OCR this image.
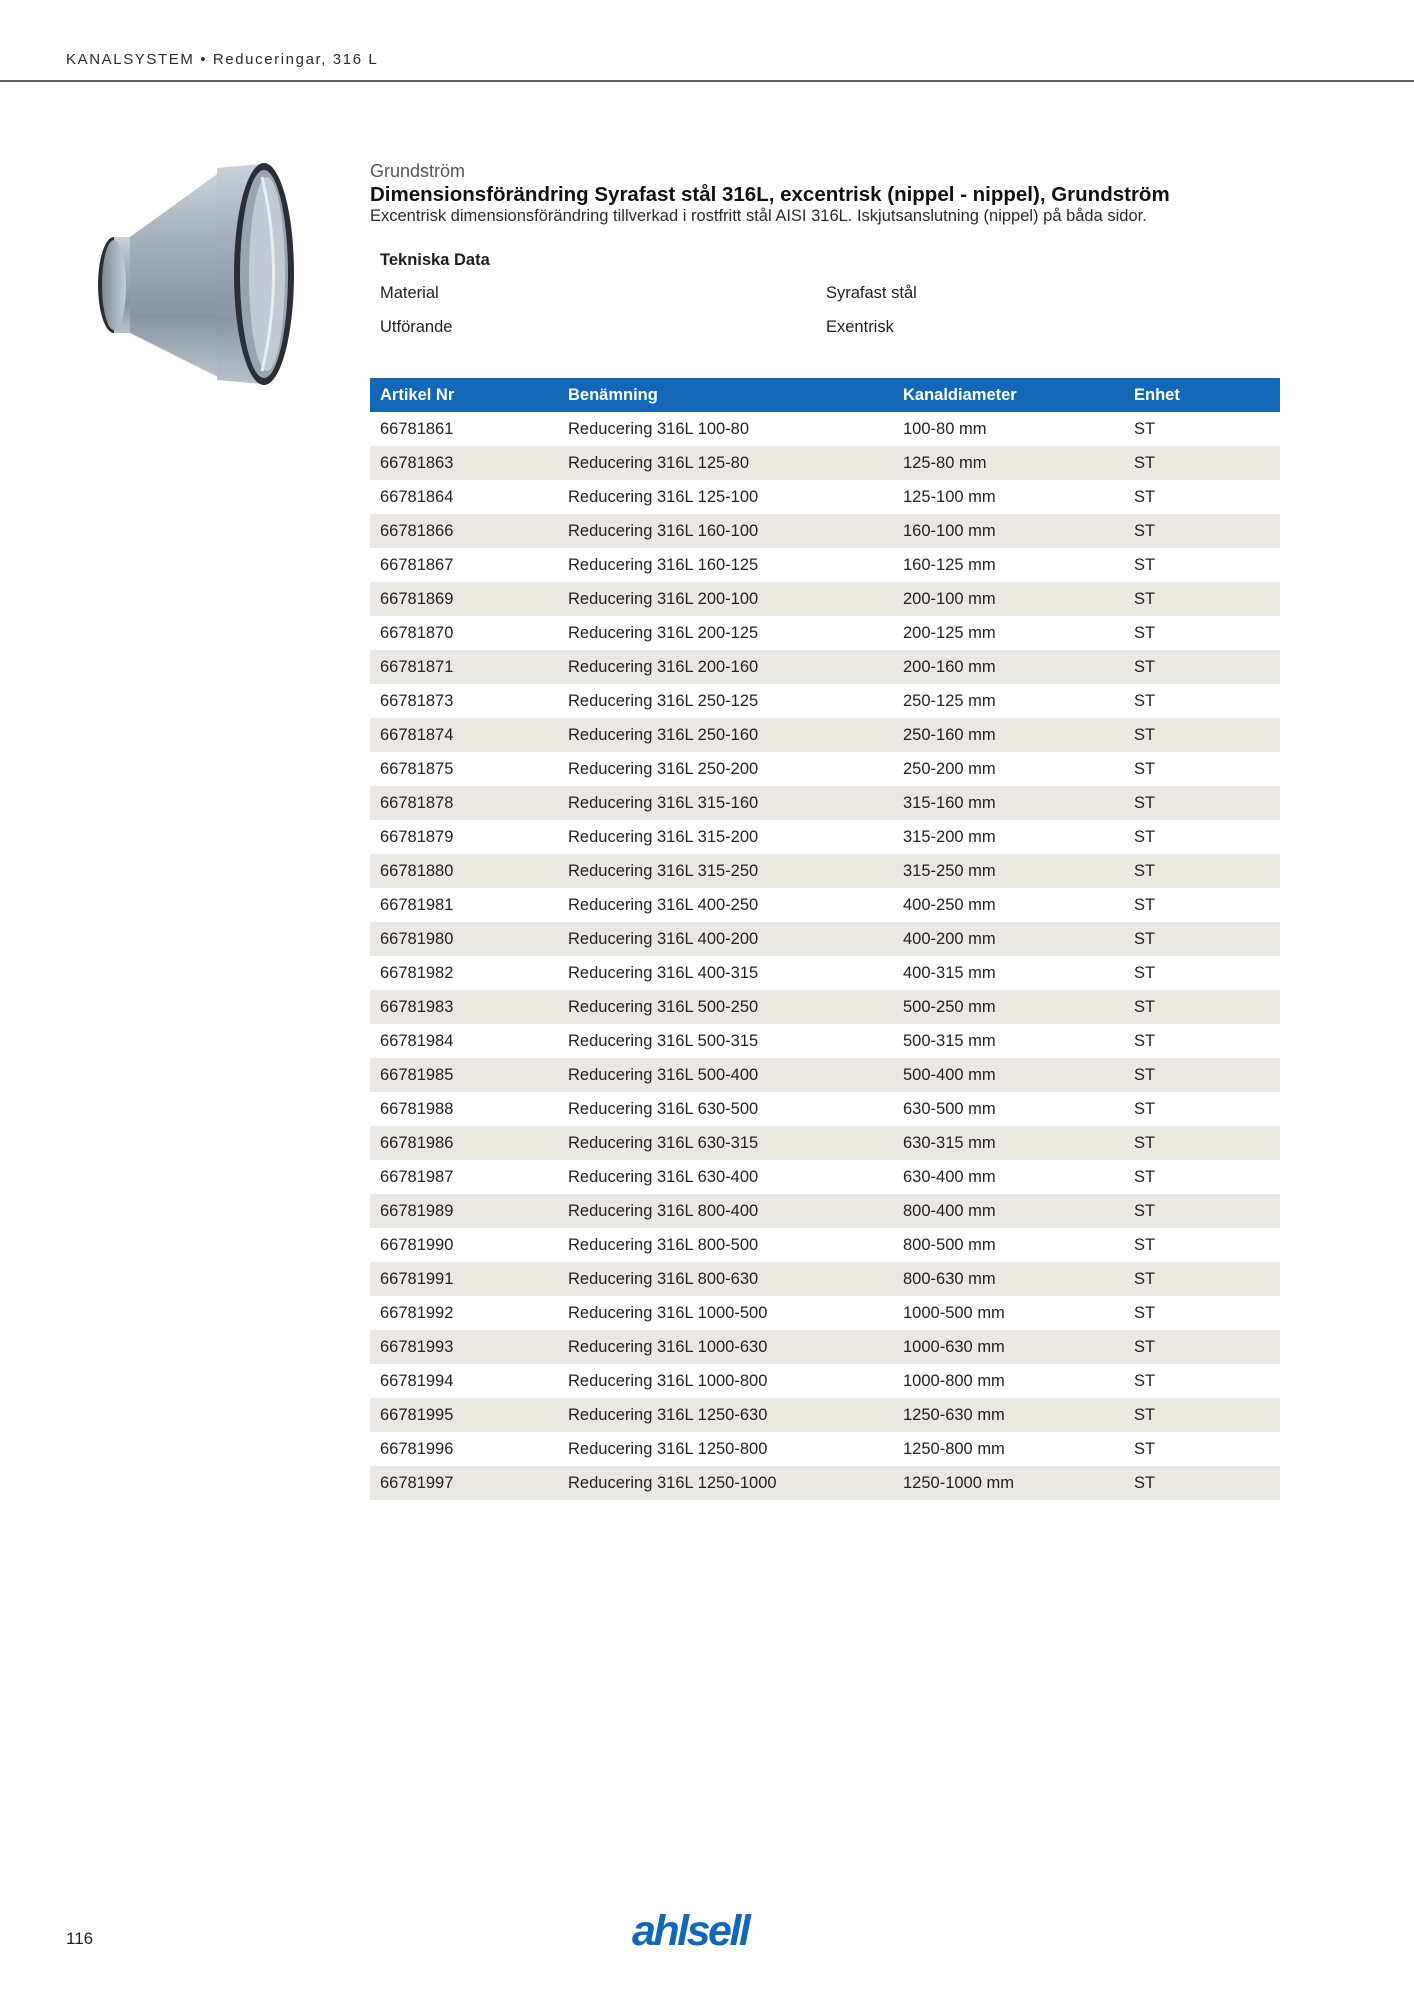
KANALSYSTEM • Reduceringar, 316 L
Grundström
Dimensionsförändring Syrafast stål 316L, excentrisk (nippel - nippel), Grundström
Excentrisk dimensionsförändring tillverkad i rostfritt stål AISI 316L. Iskjutsanslutning (nippel) på båda sidor.
Tekniska Data
Material	Syrafast stål
Utförande	Exentrisk
Artikel Nr	Benämning	Kanaldiameter	Enhet
66781861	Reducering 316L 100-80	100-80 mm	ST
66781863	Reducering 316L 125-80	125-80 mm	ST
66781864	Reducering 316L 125-100	125-100 mm	ST
66781866	Reducering 316L 160-100	160-100 mm	ST
66781867	Reducering 316L 160-125	160-125 mm	ST
66781869	Reducering 316L 200-100	200-100 mm	ST
66781870	Reducering 316L 200-125	200-125 mm	ST
66781871	Reducering 316L 200-160	200-160 mm	ST
66781873	Reducering 316L 250-125	250-125 mm	ST
66781874	Reducering 316L 250-160	250-160 mm	ST
66781875	Reducering 316L 250-200	250-200 mm	ST
66781878	Reducering 316L 315-160	315-160 mm	ST
66781879	Reducering 316L 315-200	315-200 mm	ST
66781880	Reducering 316L 315-250	315-250 mm	ST
66781981	Reducering 316L 400-250	400-250 mm	ST
66781980	Reducering 316L 400-200	400-200 mm	ST
66781982	Reducering 316L 400-315	400-315 mm	ST
66781983	Reducering 316L 500-250	500-250 mm	ST
66781984	Reducering 316L 500-315	500-315 mm	ST
66781985	Reducering 316L 500-400	500-400 mm	ST
66781988	Reducering 316L 630-500	630-500 mm	ST
66781986	Reducering 316L 630-315	630-315 mm	ST
66781987	Reducering 316L 630-400	630-400 mm	ST
66781989	Reducering 316L 800-400	800-400 mm	ST
66781990	Reducering 316L 800-500	800-500 mm	ST
66781991	Reducering 316L 800-630	800-630 mm	ST
66781992	Reducering 316L 1000-500	1000-500 mm	ST
66781993	Reducering 316L 1000-630	1000-630 mm	ST
66781994	Reducering 316L 1000-800	1000-800 mm	ST
66781995	Reducering 316L 1250-630	1250-630 mm	ST
66781996	Reducering 316L 1250-800	1250-800 mm	ST
66781997	Reducering 316L 1250-1000	1250-1000 mm	ST
116	ahlsell
